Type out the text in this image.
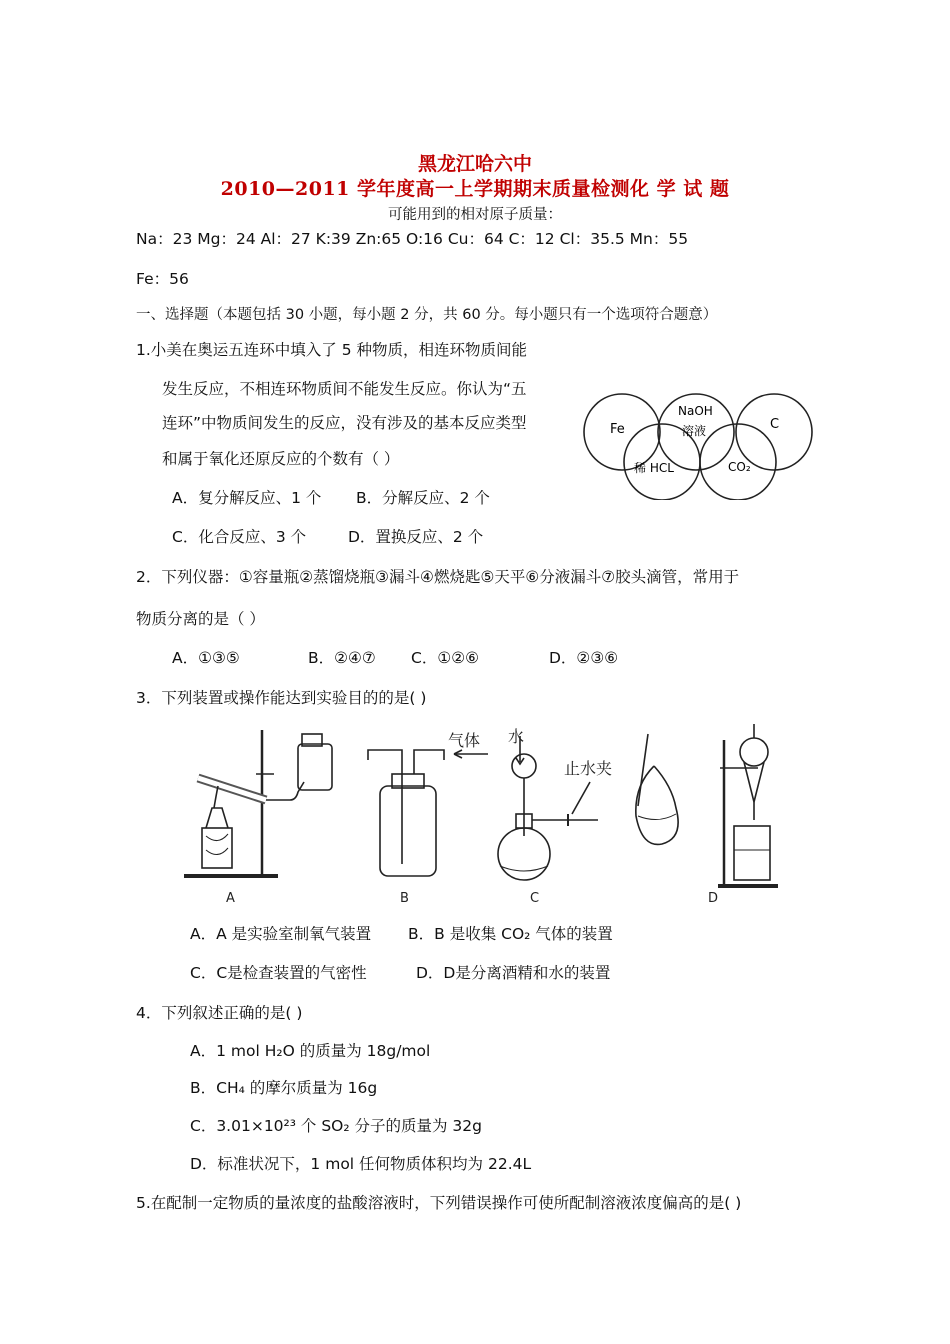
黑龙江哈六中
2010—2011 学年度高一上学期期末质量检测化 学 试 题
可能用到的相对原子质量：
Na：23 Mg：24 Al：27 K:39 Zn:65 O:16 Cu：64 C：12 Cl：35.5 Mn：55
Fe：56
一、选择题（本题包括 30 小题，每小题 2 分，共 60 分。每小题只有一个选项符合题意）
1.小美在奥运五连环中填入了 5 种物质，相连环物质间能
发生反应，不相连环物质间不能发生反应。你认为“五
连环”中物质间发生的反应，没有涉及的基本反应类型
和属于氧化还原反应的个数有（ ）
A．复分解反应、1 个 B．分解反应、2 个
C．化合反应、3 个	D．置换反应、2 个
Fe
NaOH
溶液	C
稀 HCL	CO₂
2．下列仪器：①容量瓶②蒸馏烧瓶③漏斗④燃烧匙⑤天平⑥分液漏斗⑦胶头滴管，常用于
物质分离的是（ ）
A．①③⑤	B．②④⑦ C．①②⑥	D．②③⑥
3．下列装置或操作能达到实验目的的是( )
A	B	C	D
气体 水
止水夹
A．A 是实验室制氧气装置 B．B 是收集 CO₂ 气体的装置
C．C是检查装置的气密性	D．D是分离酒精和水的装置
4．下列叙述正确的是( )
A．1 mol H₂O 的质量为 18g/mol
B．CH₄ 的摩尔质量为 16g
C．3.01×10²³ 个 SO₂ 分子的质量为 32g
D．标准状况下，1 mol 任何物质体积均为 22.4L
5.在配制一定物质的量浓度的盐酸溶液时，下列错误操作可使所配制溶液浓度偏高的是( )
